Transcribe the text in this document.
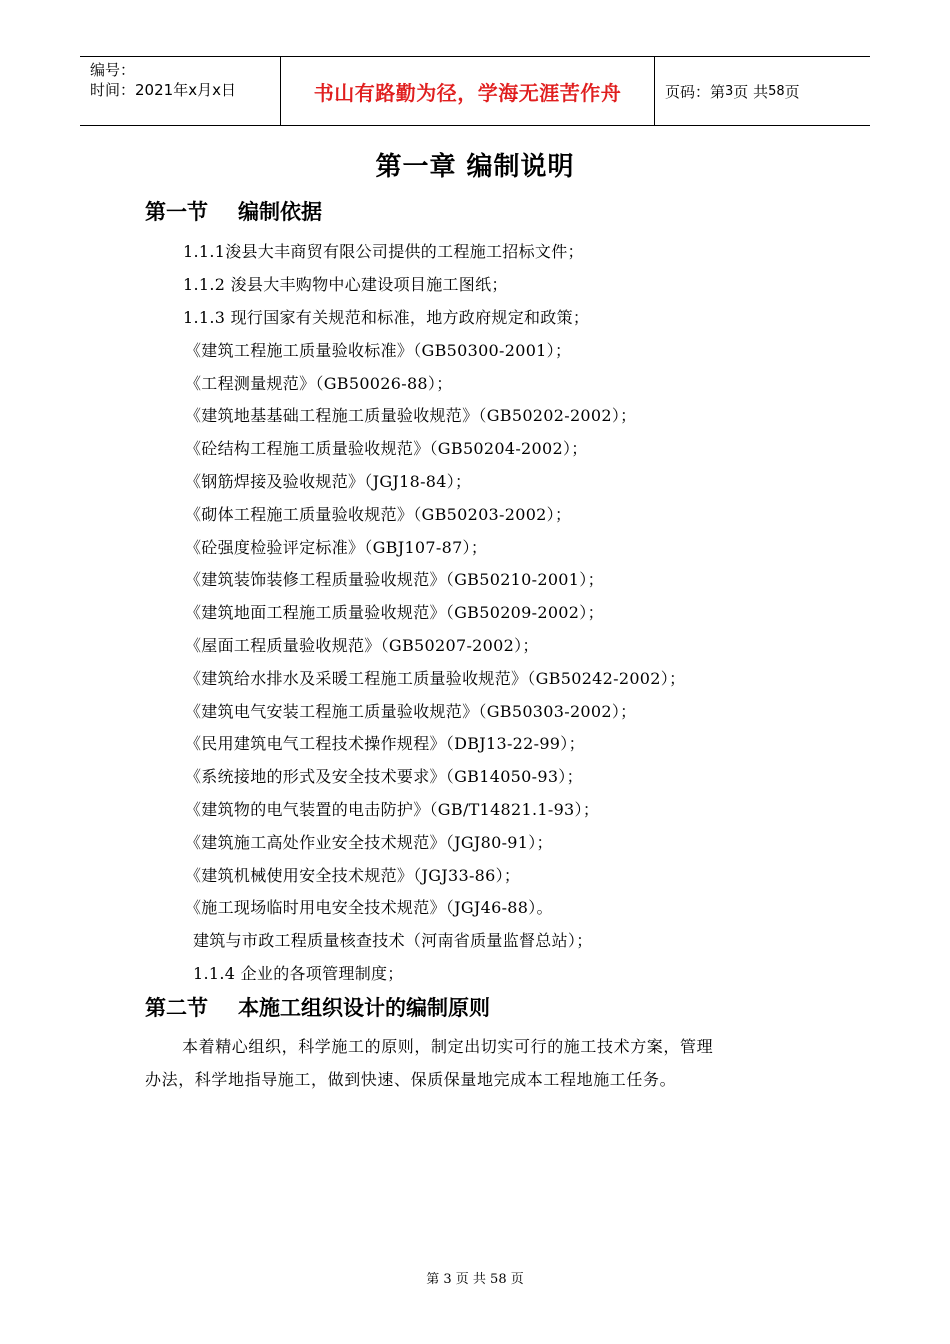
编号：
时间：2021年x月x日	书山有路勤为径，学海无涯苦作舟	页码：第 3 页 共 58 页
第一章 编制说明
第一节 编制依据
1.1.1浚县大丰商贸有限公司提供的工程施工招标文件；
1.1.2 浚县大丰购物中心建设项目施工图纸；
1.1.3 现行国家有关规范和标准，地方政府规定和政策；
《建筑工程施工质量验收标准》（GB50300-2001）；
《工程测量规范》（GB50026-88）；
《建筑地基基础工程施工质量验收规范》（GB50202-2002）；
《砼结构工程施工质量验收规范》（GB50204-2002）；
《钢筋焊接及验收规范》（JGJ18-84）；
《砌体工程施工质量验收规范》（GB50203-2002）；
《砼强度检验评定标准》（GBJ107-87）；
《建筑装饰装修工程质量验收规范》（GB50210-2001）；
《建筑地面工程施工质量验收规范》（GB50209-2002）；
《屋面工程质量验收规范》（GB50207-2002）；
《建筑给水排水及采暖工程施工质量验收规范》（GB50242-2002）；
《建筑电气安装工程施工质量验收规范》（GB50303-2002）；
《民用建筑电气工程技术操作规程》（DBJ13-22-99）；
《系统接地的形式及安全技术要求》（GB14050-93）；
《建筑物的电气装置的电击防护》（GB/T14821.1-93）；
《建筑施工高处作业安全技术规范》（JGJ80-91）；
《建筑机械使用安全技术规范》（JGJ33-86）；
《施工现场临时用电安全技术规范》（JGJ46-88）。
建筑与市政工程质量核查技术（河南省质量监督总站）；
1.1.4 企业的各项管理制度；
第二节 本施工组织设计的编制原则
本着精心组织，科学施工的原则，制定出切实可行的施工技术方案，管理
办法，科学地指导施工，做到快速、保质保量地完成本工程地施工任务。
第 3 页 共 58 页
